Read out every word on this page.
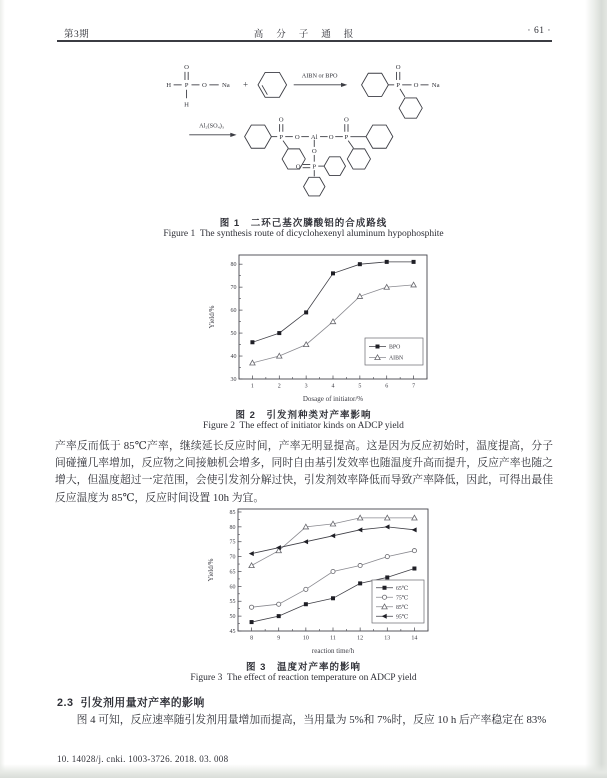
第3期	高分子通报	· 61 ·
H P
O
H
O Na +
AIBN or BPO
P
O
O Na
Al₂(SO₄)₃
P
O
O Al O P
O
O
P
O
图 1　二环己基次膦酸铝的合成路线
Figure 1  The synthesis route of dicyclohexenyl aluminum hypophosphite
30
40
50
60
70
80
1	2	3	4	5	6	7
Yield/%
Dosage of initiator/%
BPO
AIBN
图 2　引发剂种类对产率影响
Figure 2  The effect of initiator kinds on ADCP yield
产率反而低于 85℃产率，继续延长反应时间，产率无明显提高。这是因为反应初始时，温度提高，分子间碰撞几率增加，反应物之间接触机会增多，同时自由基引发效率也随温度升高而提升，反应产率也随之增大，但温度超过一定范围，会使引发剂分解过快，引发剂效率降低而导致产率降低，因此，可得出最佳反应温度为 85℃，反应时间设置 10h 为宜。
45
50
55
60
65
70
75
80
85
8	9	10	11	12	13	14
Yield/%
reaction time/h
65℃
75℃
85℃
95℃
图 3　温度对产率的影响
Figure 3  The effect of reaction temperature on ADCP yield
2.3 引发剂用量对产率的影响
图 4 可知，反应速率随引发剂用量增加而提高，当用量为 5%和 7%时，反应 10 h 后产率稳定在 83%
10. 14028/j. cnki. 1003-3726. 2018. 03. 008
